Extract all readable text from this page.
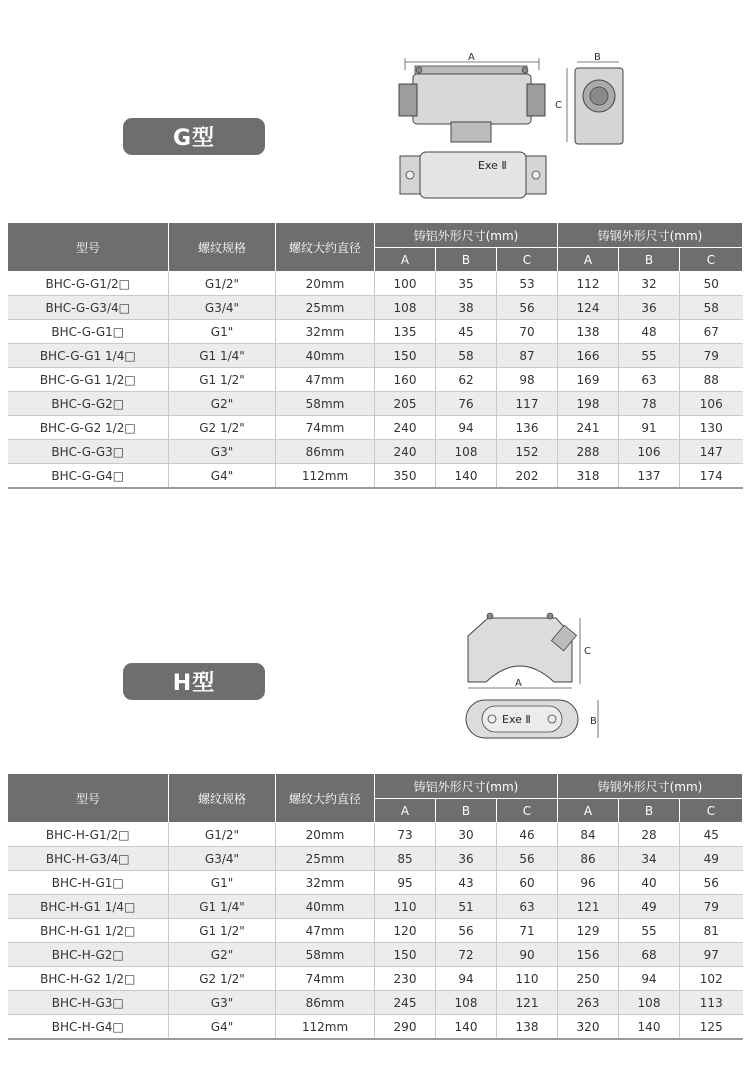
G型
A	B
C
Exe Ⅱ
型号	螺纹规格	螺纹大约直径	铸铝外形尺寸(mm)			铸钢外形尺寸(mm)		
			A	B	C	A	B	C
BHC-G-G1/2□	G1/2"	20mm	100	35	53	112	32	50
BHC-G-G3/4□	G3/4"	25mm	108	38	56	124	36	58
BHC-G-G1□	G1"	32mm	135	45	70	138	48	67
BHC-G-G1 1/4□	G1 1/4"	40mm	150	58	87	166	55	79
BHC-G-G1 1/2□	G1 1/2"	47mm	160	62	98	169	63	88
BHC-G-G2□	G2"	58mm	205	76	117	198	78	106
BHC-G-G2 1/2□	G2 1/2"	74mm	240	94	136	241	91	130
BHC-G-G3□	G3"	86mm	240	108	152	288	106	147
BHC-G-G4□	G4"	112mm	350	140	202	318	137	174
H型
C
A
Exe Ⅱ	B
型号	螺纹规格	螺纹大约直径	铸铝外形尺寸(mm)			铸钢外形尺寸(mm)		
			A	B	C	A	B	C
BHC-H-G1/2□	G1/2"	20mm	73	30	46	84	28	45
BHC-H-G3/4□	G3/4"	25mm	85	36	56	86	34	49
BHC-H-G1□	G1"	32mm	95	43	60	96	40	56
BHC-H-G1 1/4□	G1 1/4"	40mm	110	51	63	121	49	79
BHC-H-G1 1/2□	G1 1/2"	47mm	120	56	71	129	55	81
BHC-H-G2□	G2"	58mm	150	72	90	156	68	97
BHC-H-G2 1/2□	G2 1/2"	74mm	230	94	110	250	94	102
BHC-H-G3□	G3"	86mm	245	108	121	263	108	113
BHC-H-G4□	G4"	112mm	290	140	138	320	140	125
